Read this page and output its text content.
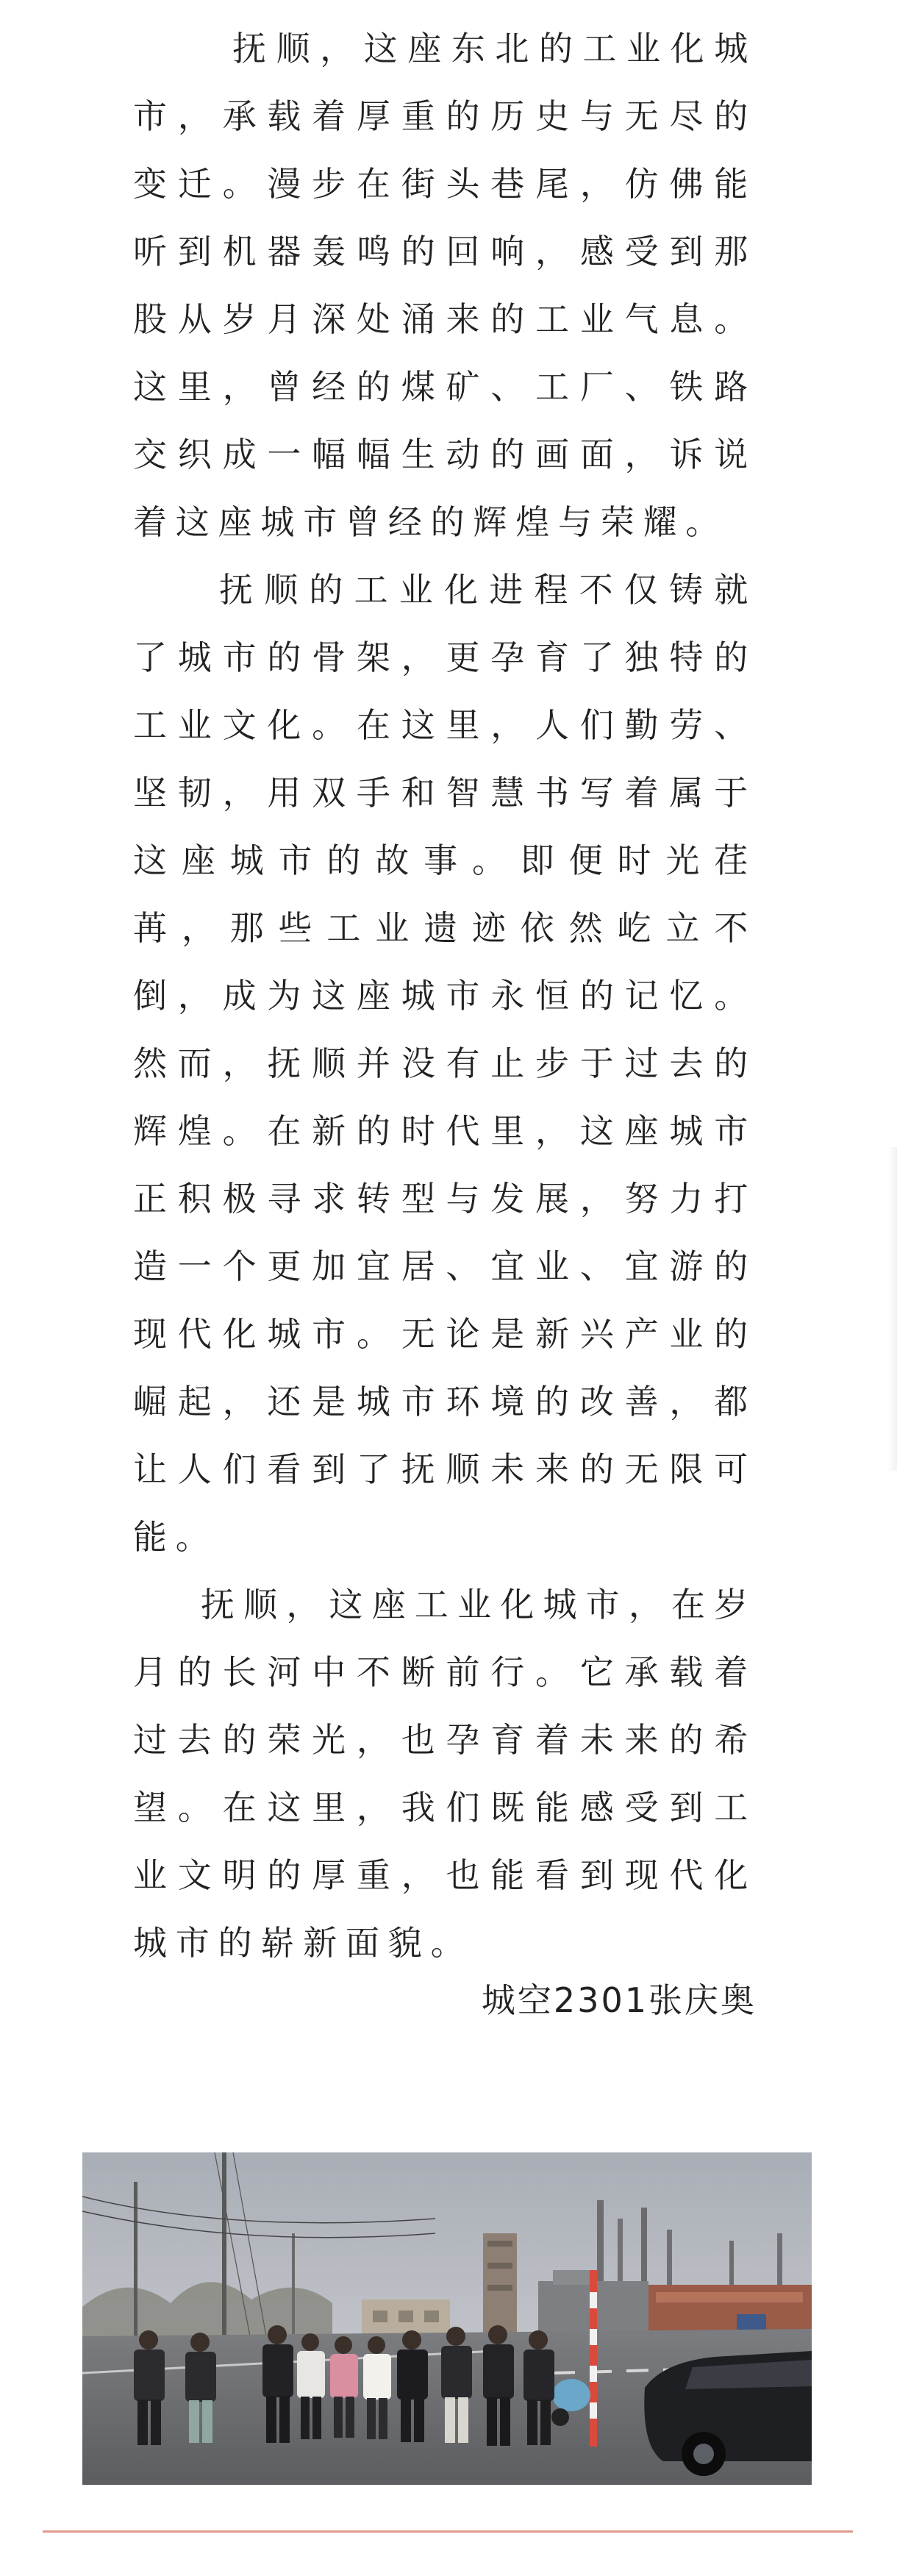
抚顺，这座东北的工业化城市，承载着厚重的历史与无尽的变迁。漫步在街头巷尾，仿佛能听到机器轰鸣的回响，感受到那股从岁月深处涌来的工业气息。这里，曾经的煤矿、工厂、铁路交织成一幅幅生动的画面，诉说着这座城市曾经的辉煌与荣耀。

抚顺的工业化进程不仅铸就了城市的骨架，更孕育了独特的工业文化。在这里，人们勤劳、坚韧，用双手和智慧书写着属于这座城市的故事。即便时光荏苒，那些工业遗迹依然屹立不倒，成为这座城市永恒的记忆。然而，抚顺并没有止步于过去的辉煌。在新的时代里，这座城市正积极寻求转型与发展，努力打造一个更加宜居、宜业、宜游的现代化城市。无论是新兴产业的崛起，还是城市环境的改善，都让人们看到了抚顺未来的无限可能。

抚顺，这座工业化城市，在岁月的长河中不断前行。它承载着过去的荣光，也孕育着未来的希望。在这里，我们既能感受到工业文明的厚重，也能看到现代化城市的崭新面貌。

城空2301张庆奥
